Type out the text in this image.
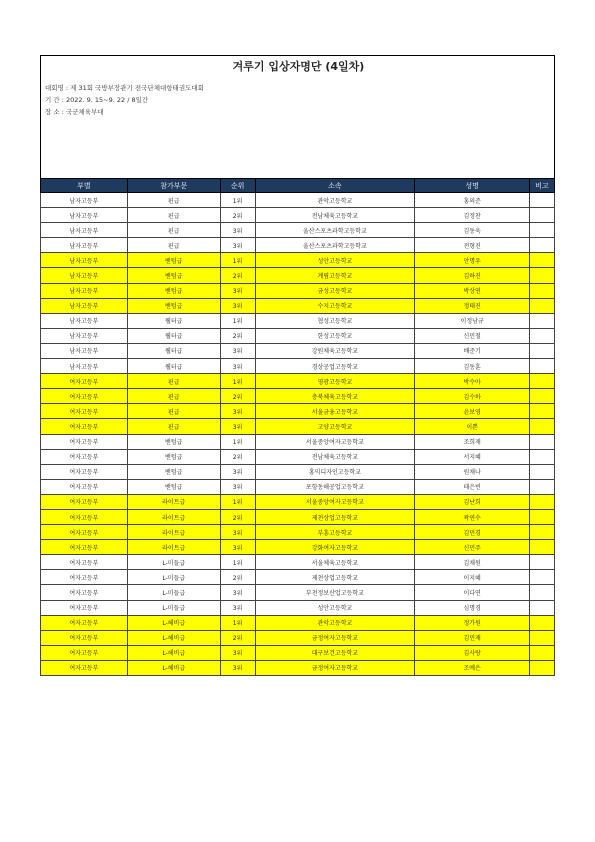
겨루기 입상자명단 (4일차)
대회명 : 제 31회 국방부장관기 전국단체대항태권도대회
기 간 : 2022. 9. 15~9. 22 / 8일간
장 소 : 국군체육부대
부별	참가부문	순위	소속	성명	비고
남자고등부	핀급	1위	관악고등학교	홍의준	
남자고등부	핀급	2위	전남체육고등학교	김정찬	
남자고등부	핀급	3위	울산스포츠과학고등학교	김동욱	
남자고등부	핀급	3위	울산스포츠과학고등학교	전형진	
남자고등부	밴텀급	1위	성안고등학교	안명우	
남자고등부	밴텀급	2위	계림고등학교	김하진	
남자고등부	밴텀급	3위	금성고등학교	박상연	
남자고등부	밴텀급	3위	수지고등학교	정태진	
남자고등부	웰터급	1위	협성고등학교	이정남규	
남자고등부	웰터급	2위	한성고등학교	신민철	
남자고등부	웰터급	3위	강원체육고등학교	배준기	
남자고등부	웰터급	3위	경상공업고등학교	김동훈	
여자고등부	핀급	1위	영광고등학교	박수아	
여자고등부	핀급	2위	충북체육고등학교	김수하	
여자고등부	핀급	3위	서울금융고등학교	윤보영	
여자고등부	핀급	3위	고양고등학교	이쁜	
여자고등부	밴텀급	1위	서울중앙여자고등학교	조희재	
여자고등부	밴텀급	2위	전남체육고등학교	서지혜	
여자고등부	밴텀급	3위	홍익디자인고등학교	원채나	
여자고등부	밴텀급	3위	포항동해공업고등학교	태은빈	
여자고등부	라이트급	1위	서울중앙여자고등학교	김난희	
여자고등부	라이트급	2위	제천상업고등학교	곽연수	
여자고등부	라이트급	3위	부흥고등학교	김민경	
여자고등부	라이트급	3위	강화여자고등학교	신민주	
여자고등부	L-미들급	1위	서울체육고등학교	김채원	
여자고등부	L-미들급	2위	제천상업고등학교	이지혜	
여자고등부	L-미들급	3위	부천정보산업고등학교	이다연	
여자고등부	L-미들급	3위	성안고등학교	심명경	
여자고등부	L-헤비급	1위	관악고등학교	정가원	
여자고등부	L-헤비급	2위	금정여자고등학교	김민재	
여자고등부	L-헤비급	3위	대구보건고등학교	김사랑	
여자고등부	L-헤비급	3위	금정여자고등학교	조예은	
